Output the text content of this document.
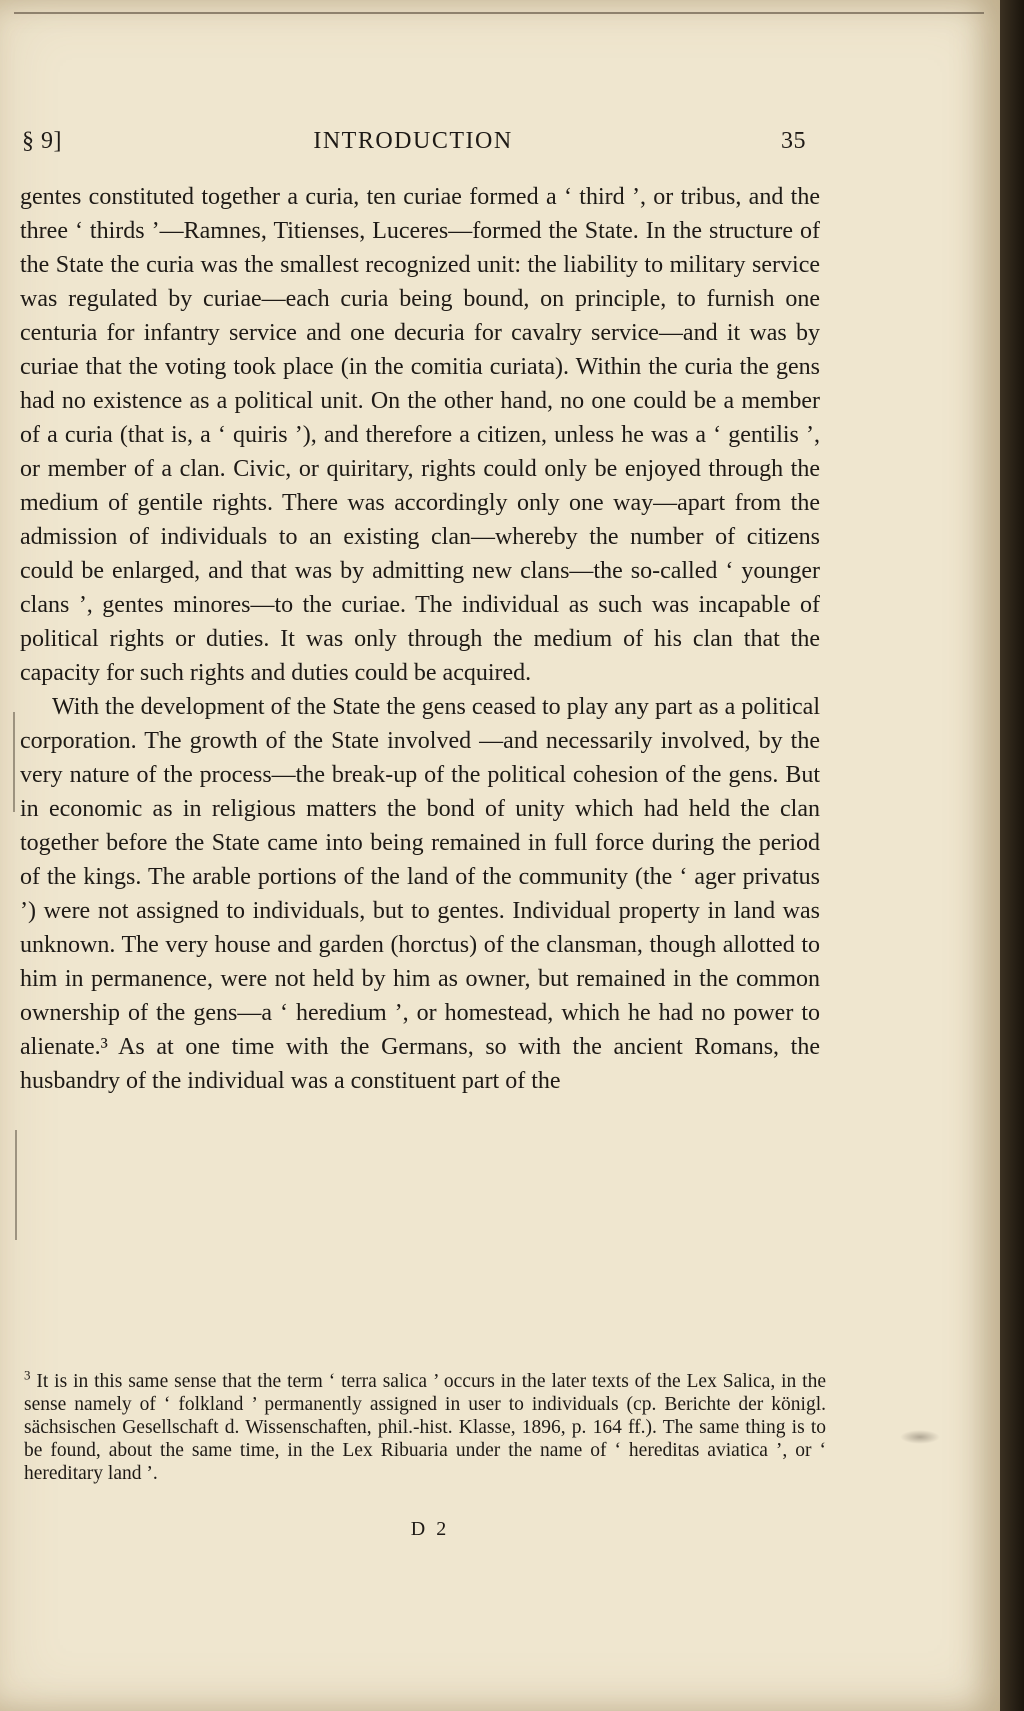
§ 9]	INTRODUCTION	35

gentes constituted together a curia, ten curiae formed a ‘ third ’, or tribus, and the three ‘ thirds ’—Ramnes, Titienses, Luceres—formed the State. In the structure of the State the curia was the smallest recognized unit: the liability to military service was regulated by curiae—each curia being bound, on principle, to furnish one centuria for infantry service and one decuria for cavalry service—and it was by curiae that the voting took place (in the comitia curiata). Within the curia the gens had no existence as a political unit. On the other hand, no one could be a member of a curia (that is, a ‘ quiris ’), and therefore a citizen, unless he was a ‘ gentilis ’, or member of a clan. Civic, or quiritary, rights could only be enjoyed through the medium of gentile rights. There was accordingly only one way—apart from the admission of individuals to an existing clan—whereby the number of citizens could be enlarged, and that was by admitting new clans—the so-called ‘ younger clans ’, gentes minores—to the curiae. The individual as such was incapable of political rights or duties. It was only through the medium of his clan that the capacity for such rights and duties could be acquired.

With the development of the State the gens ceased to play any part as a political corporation. The growth of the State involved —and necessarily involved, by the very nature of the process—the break-up of the political cohesion of the gens. But in economic as in religious matters the bond of unity which had held the clan together before the State came into being remained in full force during the period of the kings. The arable portions of the land of the community (the ‘ ager privatus ’) were not assigned to individuals, but to gentes. Individual property in land was unknown. The very house and garden (horctus) of the clansman, though allotted to him in permanence, were not held by him as owner, but remained in the common ownership of the gens—a ‘ heredium ’, or homestead, which he had no power to alienate.³ As at one time with the Germans, so with the ancient Romans, the husbandry of the individual was a constituent part of the

$^3$ It is in this same sense that the term ‘ terra salica ’ occurs in the later texts of the Lex Salica, in the sense namely of ‘ folkland ’ permanently assigned in user to individuals (cp. Berichte der königl. sächsischen Gesellschaft d. Wissenschaften, phil.-hist. Klasse, 1896, p. 164 ff.). The same thing is to be found, about the same time, in the Lex Ribuaria under the name of ‘ hereditas aviatica ’, or ‘ hereditary land ’.
D 2
